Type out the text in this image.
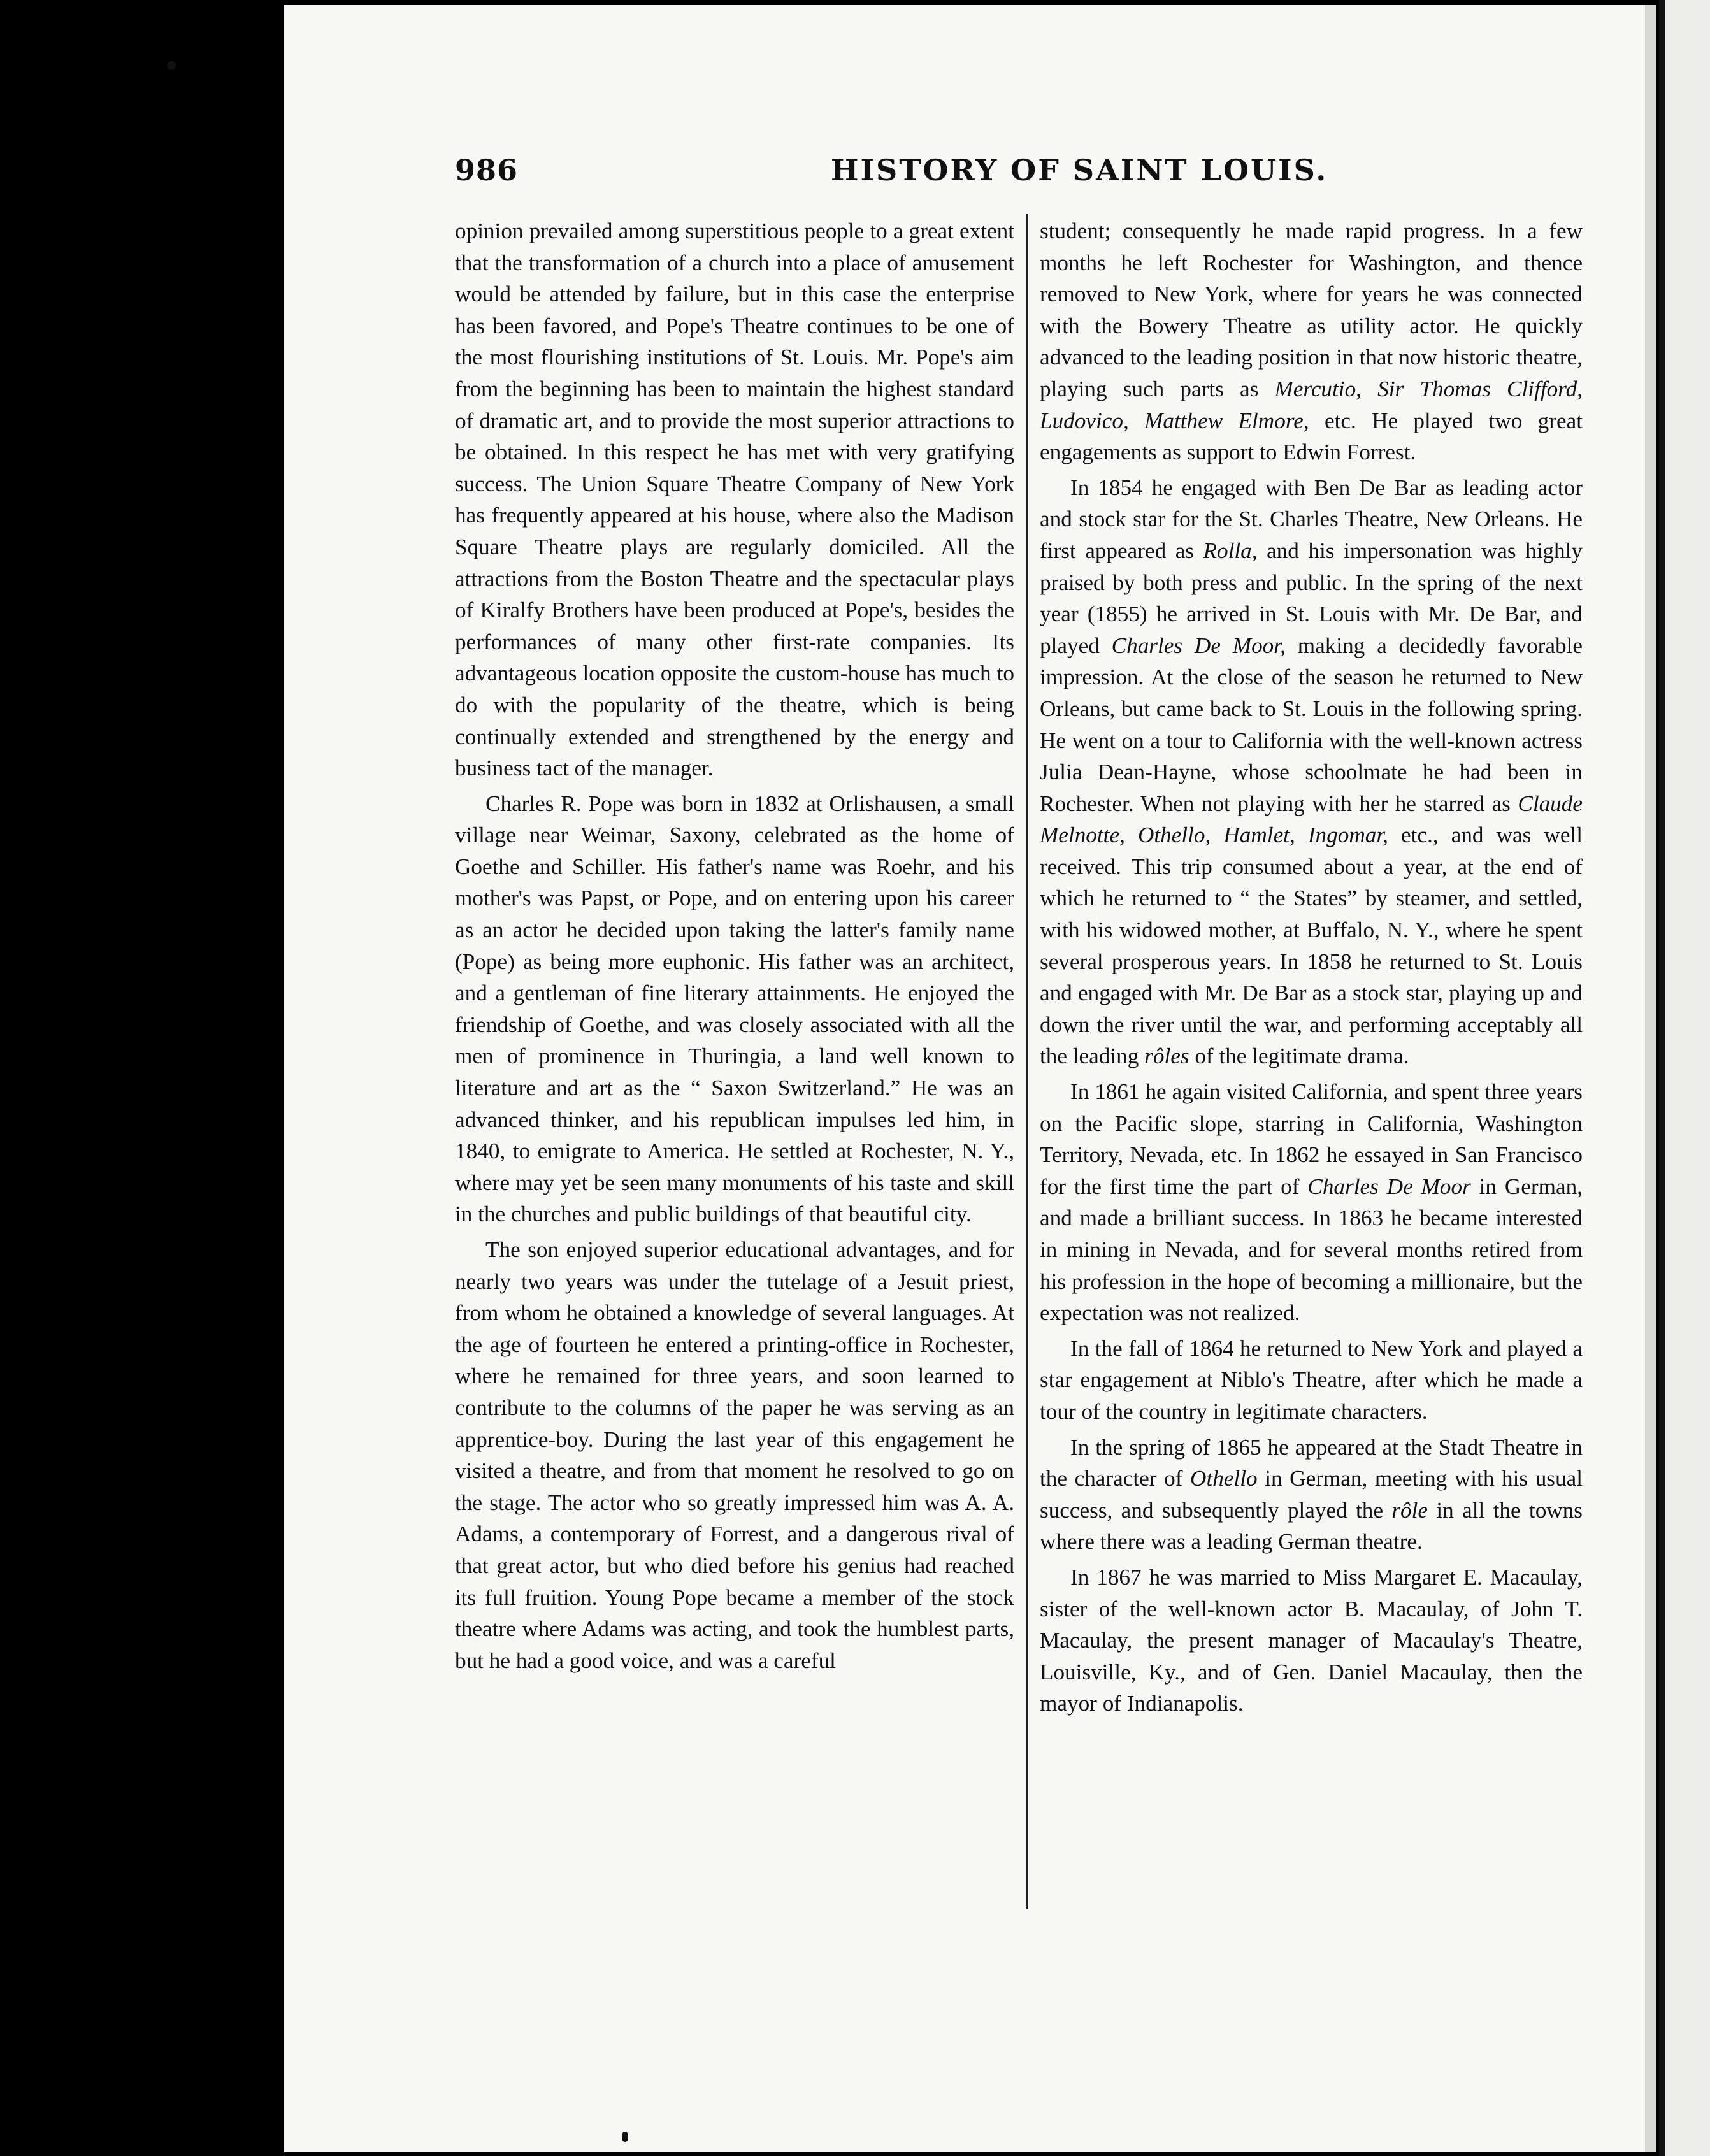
986	HISTORY OF SAINT LOUIS.

opinion prevailed among superstitious people to a great extent that the transformation of a church into a place of amusement would be attended by failure, but in this case the enterprise has been favored, and Pope's Theatre continues to be one of the most flourishing institutions of St. Louis. Mr. Pope's aim from the beginning has been to maintain the highest standard of dramatic art, and to provide the most superior attractions to be obtained. In this respect he has met with very gratifying success. The Union Square Theatre Company of New York has frequently appeared at his house, where also the Madison Square Theatre plays are regularly domiciled. All the attractions from the Boston Theatre and the spectacular plays of Kiralfy Brothers have been produced at Pope's, besides the performances of many other first-rate companies. Its advantageous location opposite the custom-house has much to do with the popularity of the theatre, which is being continually extended and strengthened by the energy and business tact of the manager.

Charles R. Pope was born in 1832 at Orlishausen, a small village near Weimar, Saxony, celebrated as the home of Goethe and Schiller. His father's name was Roehr, and his mother's was Papst, or Pope, and on entering upon his career as an actor he decided upon taking the latter's family name (Pope) as being more euphonic. His father was an architect, and a gentleman of fine literary attainments. He enjoyed the friendship of Goethe, and was closely associated with all the men of prominence in Thuringia, a land well known to literature and art as the “ Saxon Switzerland.” He was an advanced thinker, and his republican impulses led him, in 1840, to emigrate to America. He settled at Rochester, N. Y., where may yet be seen many monuments of his taste and skill in the churches and public buildings of that beautiful city.

The son enjoyed superior educational advantages, and for nearly two years was under the tutelage of a Jesuit priest, from whom he obtained a knowledge of several languages. At the age of fourteen he entered a printing-office in Rochester, where he remained for three years, and soon learned to contribute to the columns of the paper he was serving as an apprentice-boy. During the last year of this engagement he visited a theatre, and from that moment he resolved to go on the stage. The actor who so greatly impressed him was A. A. Adams, a contemporary of Forrest, and a dangerous rival of that great actor, but who died before his genius had reached its full fruition. Young Pope became a member of the stock theatre where Adams was acting, and took the humblest parts, but he had a good voice, and was a careful

student; consequently he made rapid progress. In a few months he left Rochester for Washington, and thence removed to New York, where for years he was connected with the Bowery Theatre as utility actor. He quickly advanced to the leading position in that now historic theatre, playing such parts as Mercutio, Sir Thomas Clifford, Ludovico, Matthew Elmore, etc. He played two great engagements as support to Edwin Forrest.

In 1854 he engaged with Ben De Bar as leading actor and stock star for the St. Charles Theatre, New Orleans. He first appeared as Rolla, and his impersonation was highly praised by both press and public. In the spring of the next year (1855) he arrived in St. Louis with Mr. De Bar, and played Charles De Moor, making a decidedly favorable impression. At the close of the season he returned to New Orleans, but came back to St. Louis in the following spring. He went on a tour to California with the well-known actress Julia Dean-Hayne, whose schoolmate he had been in Rochester. When not playing with her he starred as Claude Melnotte, Othello, Hamlet, Ingomar, etc., and was well received. This trip consumed about a year, at the end of which he returned to “ the States” by steamer, and settled, with his widowed mother, at Buffalo, N. Y., where he spent several prosperous years. In 1858 he returned to St. Louis and engaged with Mr. De Bar as a stock star, playing up and down the river until the war, and performing acceptably all the leading rôles of the legitimate drama.

In 1861 he again visited California, and spent three years on the Pacific slope, starring in California, Washington Territory, Nevada, etc. In 1862 he essayed in San Francisco for the first time the part of Charles De Moor in German, and made a brilliant success. In 1863 he became interested in mining in Nevada, and for several months retired from his profession in the hope of becoming a millionaire, but the expectation was not realized.

In the fall of 1864 he returned to New York and played a star engagement at Niblo's Theatre, after which he made a tour of the country in legitimate characters.

In the spring of 1865 he appeared at the Stadt Theatre in the character of Othello in German, meeting with his usual success, and subsequently played the rôle in all the towns where there was a leading German theatre.

In 1867 he was married to Miss Margaret E. Macaulay, sister of the well-known actor B. Macaulay, of John T. Macaulay, the present manager of Macaulay's Theatre, Louisville, Ky., and of Gen. Daniel Macaulay, then the mayor of Indianapolis.
